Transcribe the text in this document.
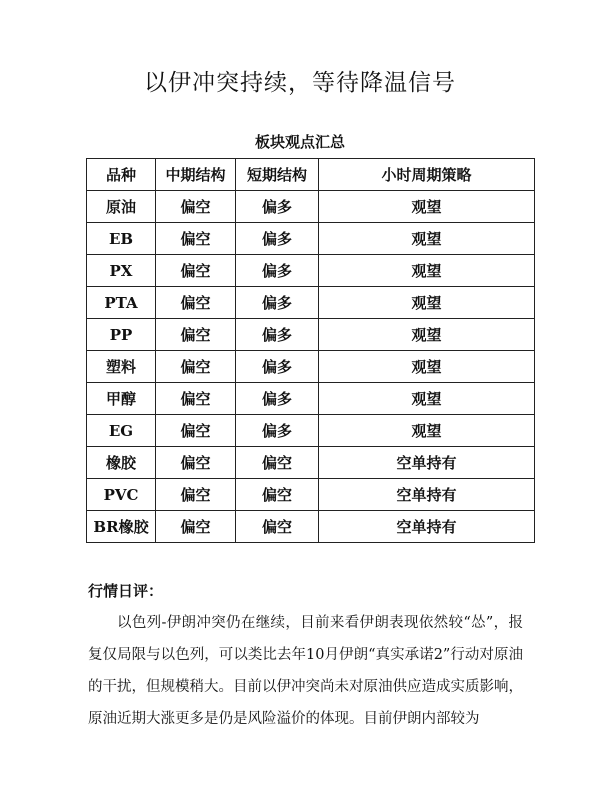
以伊冲突持续，等待降温信号
板块观点汇总
品种	中期结构	短期结构	小时周期策略
原油	偏空	偏多	观望
EB	偏空	偏多	观望
PX	偏空	偏多	观望
PTA	偏空	偏多	观望
PP	偏空	偏多	观望
塑料	偏空	偏多	观望
甲醇	偏空	偏多	观望
EG	偏空	偏多	观望
橡胶	偏空	偏空	空单持有
PVC	偏空	偏空	空单持有
BR橡胶	偏空	偏空	空单持有
行情日评：

以色列-伊朗冲突仍在继续，目前来看伊朗表现依然较“怂”，报复仅局限与以色列，可以类比去年10月伊朗“真实承诺2”行动对原油的干扰，但规模稍大。目前以伊冲突尚未对原油供应造成实质影响，原油近期大涨更多是仍是风险溢价的体现。目前伊朗内部较为
